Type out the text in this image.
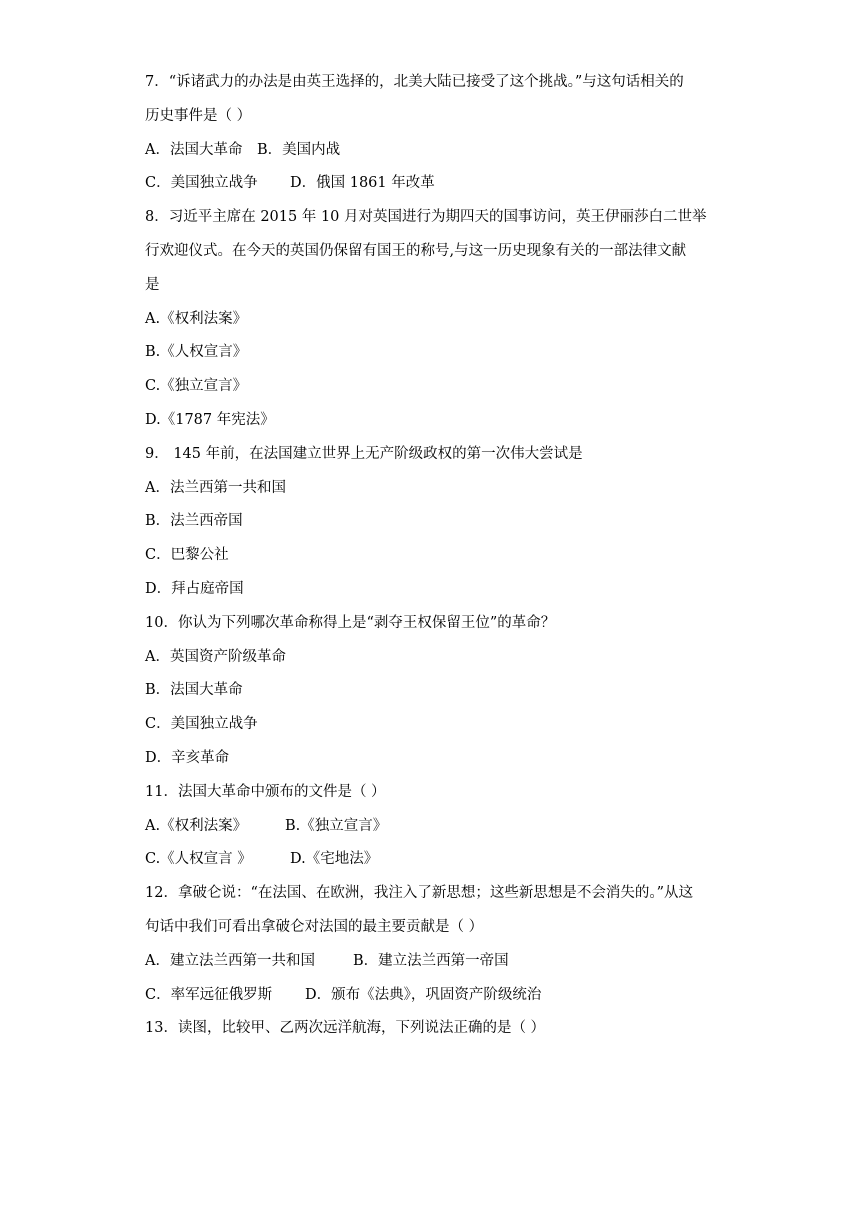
7．“诉诸武力的办法是由英王选择的，北美大陆已接受了这个挑战。”与这句话相关的
历史事件是（ ）
A．法国大革命 B．美国内战
C．美国独立战争 D．俄国 1861 年改革
8．习近平主席在 2015 年 10 月对英国进行为期四天的国事访问，英王伊丽莎白二世举
行欢迎仪式。在今天的英国仍保留有国王的称号,与这一历史现象有关的一部法律文献
是
A.《权利法案》
B.《人权宣言》
C.《独立宣言》
D.《1787 年宪法》
9． 145 年前，在法国建立世界上无产阶级政权的第一次伟大尝试是
A．法兰西第一共和国
B．法兰西帝国
C．巴黎公社
D．拜占庭帝国
10．你认为下列哪次革命称得上是“剥夺王权保留王位”的革命？
A．英国资产阶级革命
B．法国大革命
C．美国独立战争
D．辛亥革命
11．法国大革命中颁布的文件是（ ）
A.《权利法案》	B.《独立宣言》
C.《人权宣言 》	D.《宅地法》
12．拿破仑说：“在法国、在欧洲，我注入了新思想；这些新思想是不会消失的。”从这
句话中我们可看出拿破仑对法国的最主要贡献是（ ）
A．建立法兰西第一共和国	B．建立法兰西第一帝国
C．率军远征俄罗斯 D．颁布《法典》，巩固资产阶级统治
13．读图，比较甲、乙两次远洋航海，下列说法正确的是（ ）
